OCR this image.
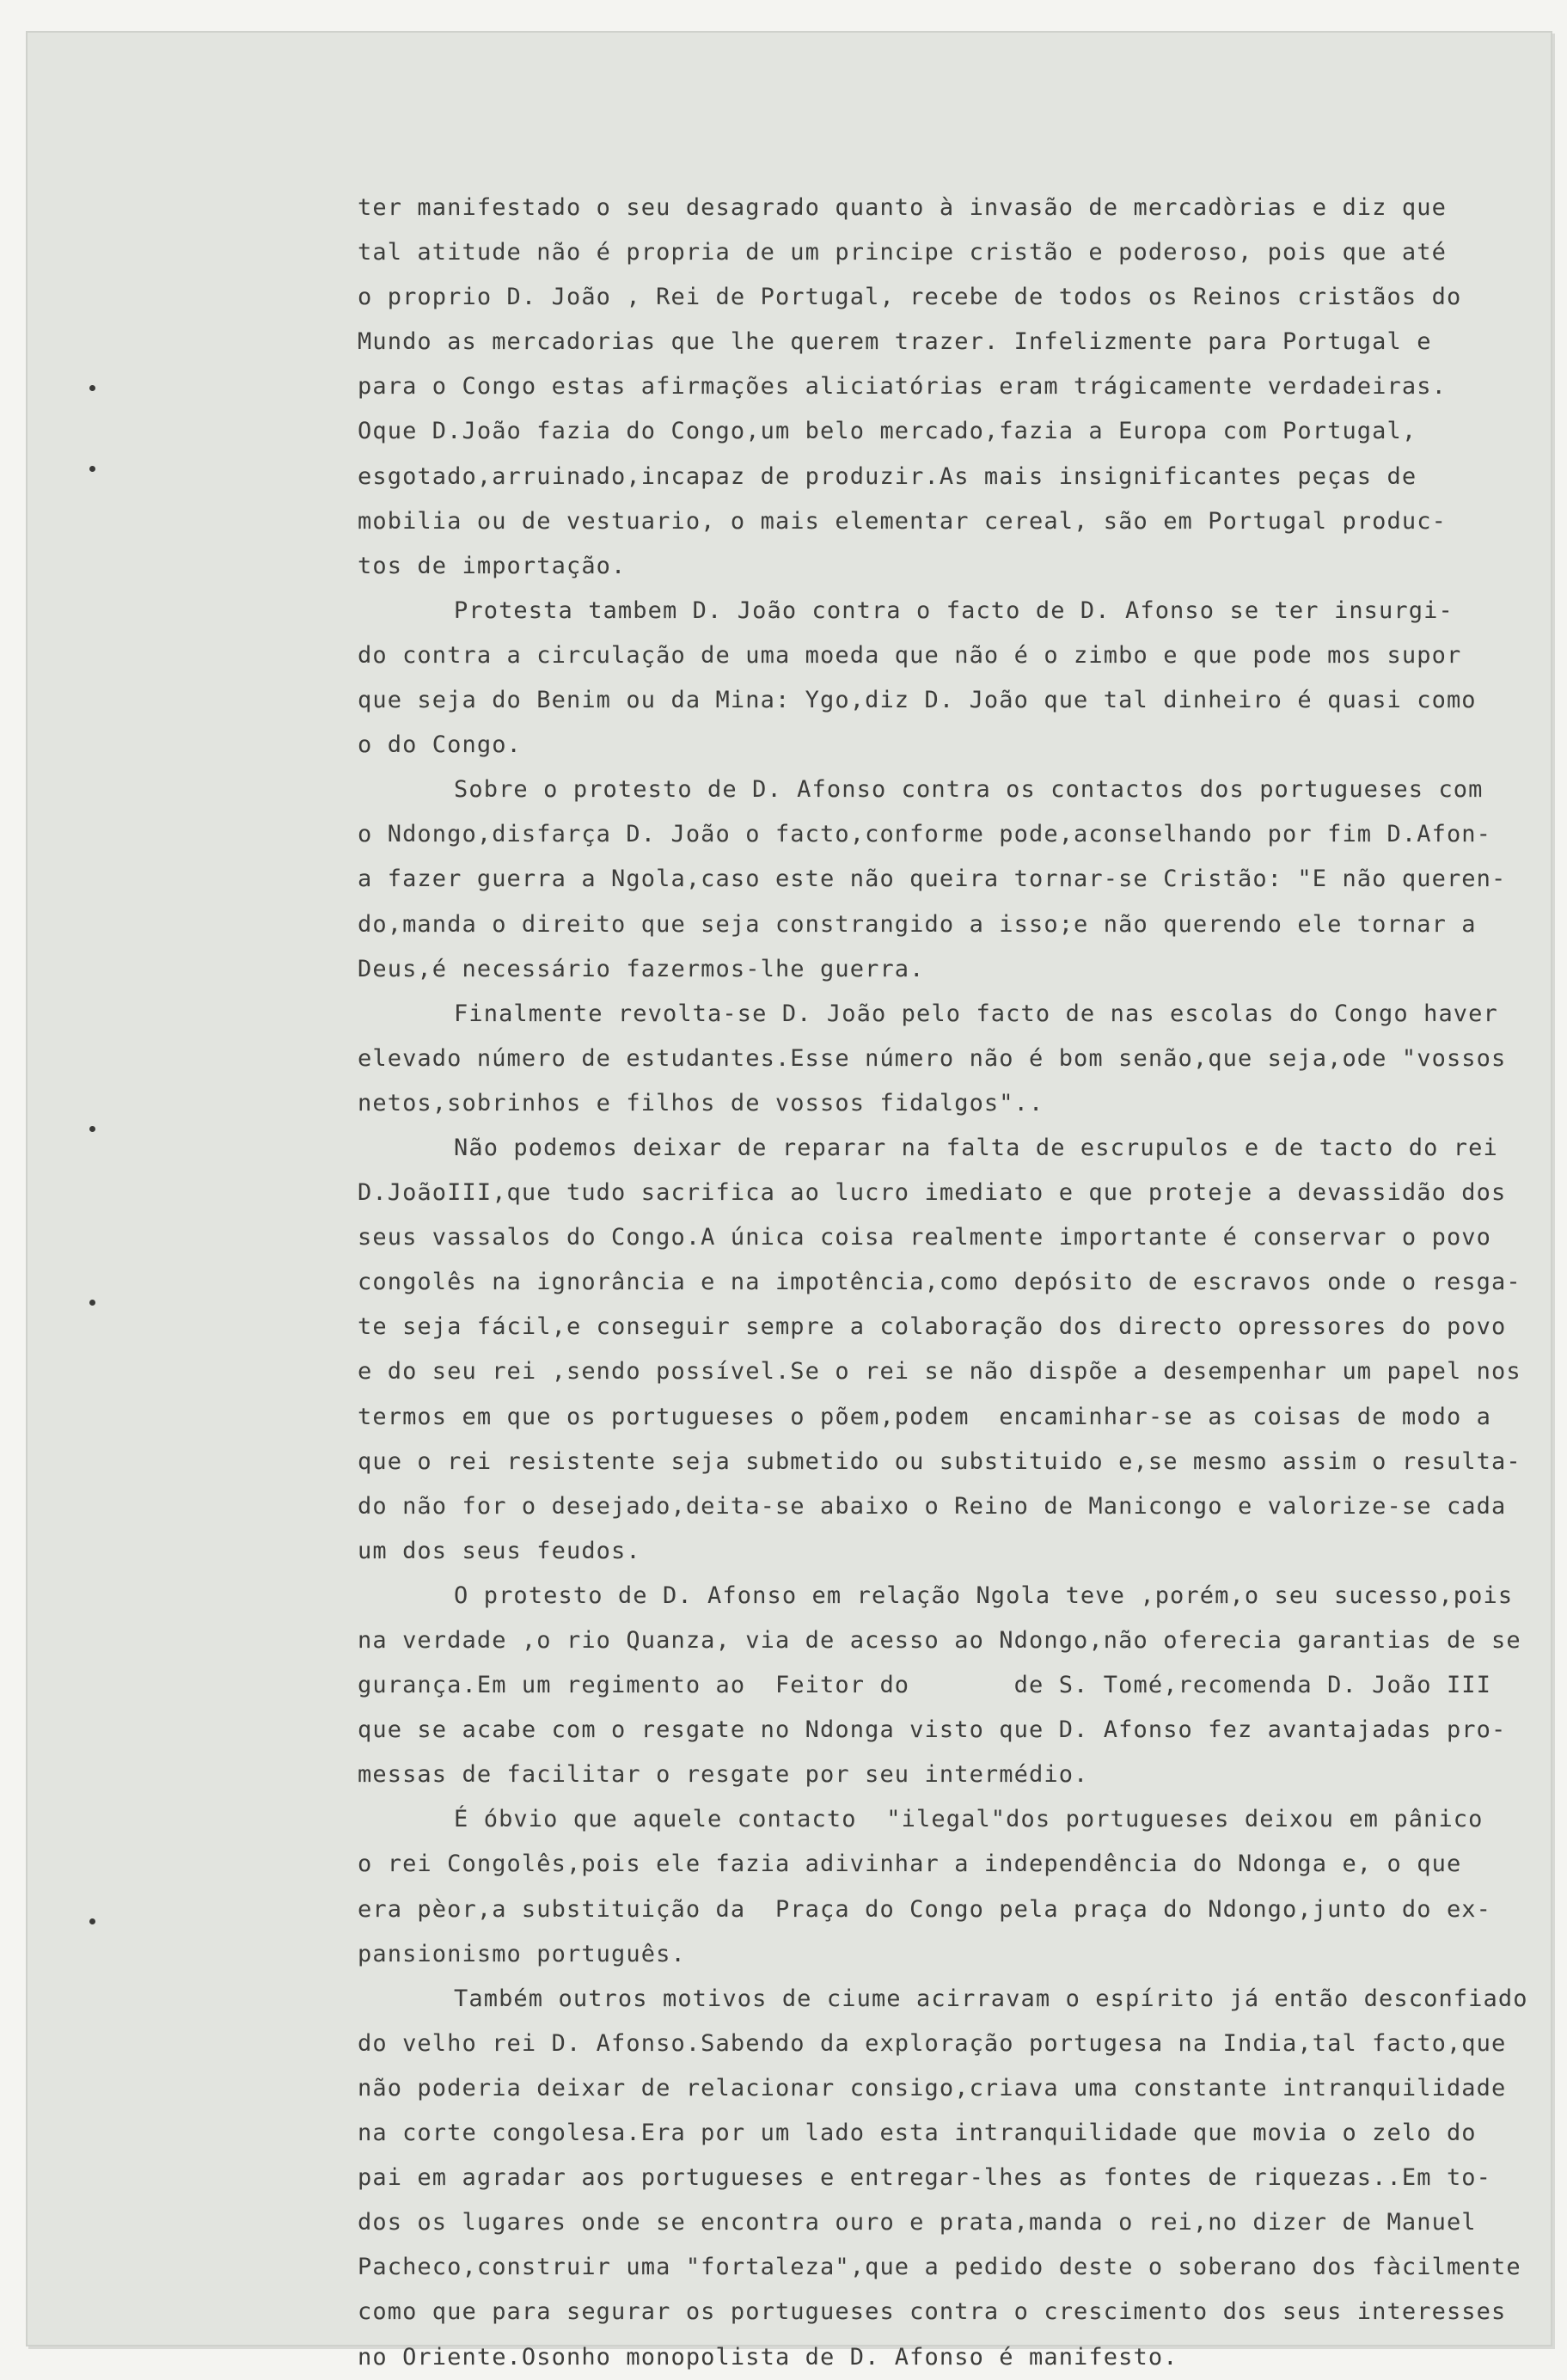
ter manifestado o seu desagrado quanto à invasão de mercadòrias e diz que
tal atitude não é propria de um principe cristão e poderoso, pois que até
o proprio D. João , Rei de Portugal, recebe de todos os Reinos cristãos do
Mundo as mercadorias que lhe querem trazer. Infelizmente para Portugal e
para o Congo estas afirmações aliciatórias eram trágicamente verdadeiras.
Oque D.João fazia do Congo,um belo mercado,fazia a Europa com Portugal,
esgotado,arruinado,incapaz de produzir.As mais insignificantes peças de
mobilia ou de vestuario, o mais elementar cereal, são em Portugal produc-
tos de importação.
Protesta tambem D. João contra o facto de D. Afonso se ter insurgi-
do contra a circulação de uma moeda que não é o zimbo e que pode mos supor
que seja do Benim ou da Mina: Ygo,diz D. João que tal dinheiro é quasi como
o do Congo.
Sobre o protesto de D. Afonso contra os contactos dos portugueses com
o Ndongo,disfarça D. João o facto,conforme pode,aconselhando por fim D.Afon-
a fazer guerra a Ngola,caso este não queira tornar-se Cristão: "E não queren-
do,manda o direito que seja constrangido a isso;e não querendo ele tornar a
Deus,é necessário fazermos-lhe guerra.
Finalmente revolta-se D. João pelo facto de nas escolas do Congo haver
elevado número de estudantes.Esse número não é bom senão,que seja,ode "vossos
netos,sobrinhos e filhos de vossos fidalgos"..
Não podemos deixar de reparar na falta de escrupulos e de tacto do rei
D.JoãoIII,que tudo sacrifica ao lucro imediato e que proteje a devassidão dos
seus vassalos do Congo.A única coisa realmente importante é conservar o povo
congolês na ignorância e na impotência,como depósito de escravos onde o resga-
te seja fácil,e conseguir sempre a colaboração dos directo opressores do povo
e do seu rei ,sendo possível.Se o rei se não dispõe a desempenhar um papel nos
termos em que os portugueses o põem,podem  encaminhar-se as coisas de modo a
que o rei resistente seja submetido ou substituido e,se mesmo assim o resulta-
do não for o desejado,deita-se abaixo o Reino de Manicongo e valorize-se cada
um dos seus feudos.
O protesto de D. Afonso em relação Ngola teve ,porém,o seu sucesso,pois
na verdade ,o rio Quanza, via de acesso ao Ndongo,não oferecia garantias de se
gurança.Em um regimento ao  Feitor do       de S. Tomé,recomenda D. João III
que se acabe com o resgate no Ndonga visto que D. Afonso fez avantajadas pro-
messas de facilitar o resgate por seu intermédio.
É óbvio que aquele contacto  "ilegal"dos portugueses deixou em pânico
o rei Congolês,pois ele fazia adivinhar a independência do Ndonga e, o que
era pèor,a substituição da  Praça do Congo pela praça do Ndongo,junto do ex-
pansionismo português.
Também outros motivos de ciume acirravam o espírito já então desconfiado
do velho rei D. Afonso.Sabendo da exploração portugesa na India,tal facto,que
não poderia deixar de relacionar consigo,criava uma constante intranquilidade
na corte congolesa.Era por um lado esta intranquilidade que movia o zelo do
pai em agradar aos portugueses e entregar-lhes as fontes de riquezas..Em to-
dos os lugares onde se encontra ouro e prata,manda o rei,no dizer de Manuel
Pacheco,construir uma "fortaleza",que a pedido deste o soberano dos fàcilmente
como que para segurar os portugueses contra o crescimento dos seus interesses
no Oriente.Osonho monopolista de D. Afonso é manifesto.
